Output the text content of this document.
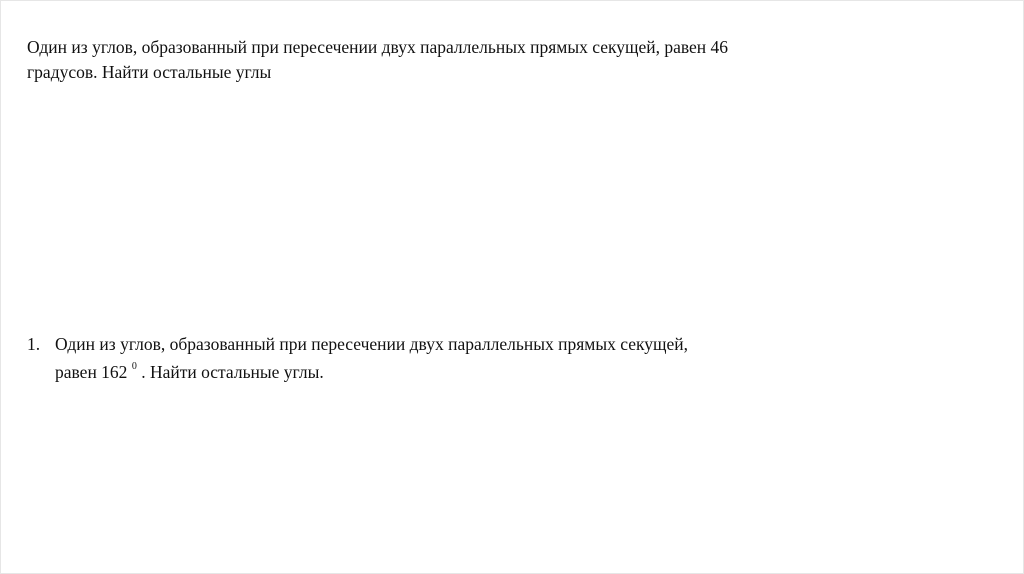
Один из углов, образованный при пересечении двух параллельных прямых секущей, равен 46

градусов. Найти остальные углы

1. Один из углов, образованный при пересечении двух параллельных прямых секущей,
равен 162 $^0$ . Найти остальные углы.
